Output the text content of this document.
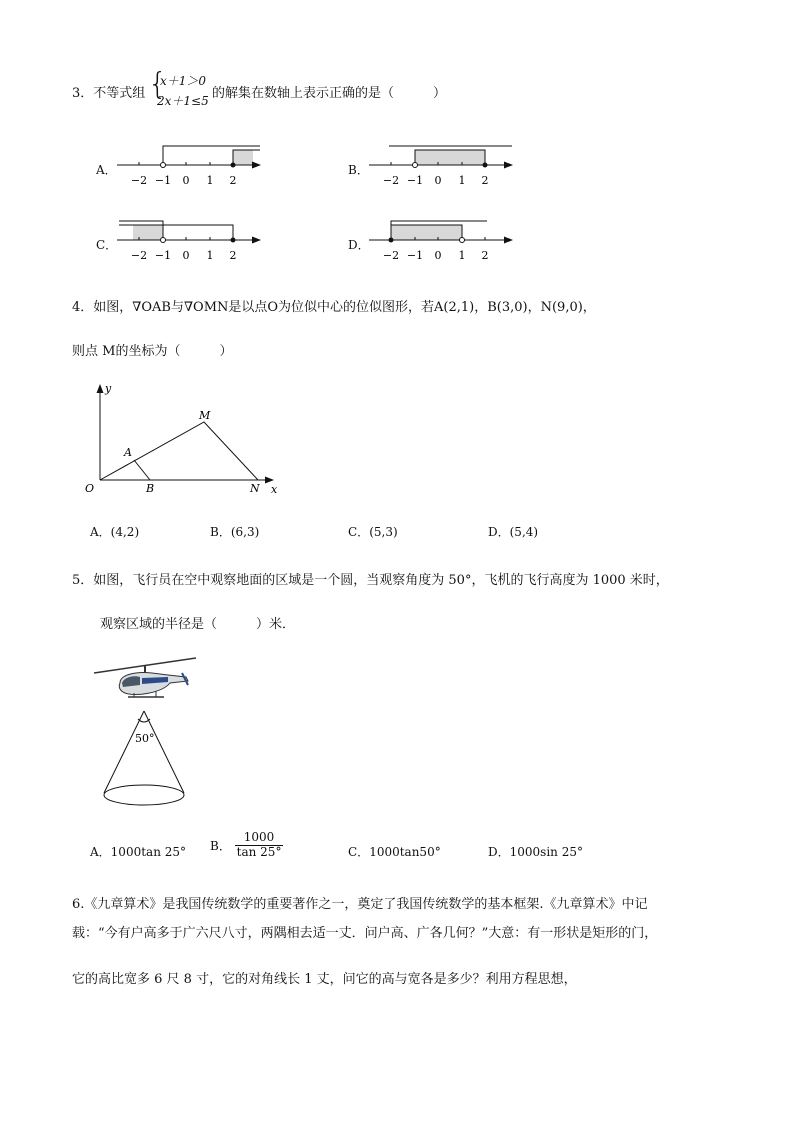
3．不等式组 {
x＋1＞0
2x＋1≤5 的解集在数轴上表示正确的是（　　　）
A．	B．
C．	D．
−2 −1 0 1 2	−2 −1 0 1 2
−2 −1 0 1 2	−2 −1 0 1 2
4．如图，∇OAB与∇OMN是以点O为位似中心的位似图形，若A(2,1)，B(3,0)，N(9,0)，
则点 M的坐标为（　　　）
y
x
O
A
B
M
N
A．(4,2)	B．(6,3)	C．(5,3)	D．(5,4)
5．如图，飞行员在空中观察地面的区域是一个圆，当观察角度为 50°，飞机的飞行高度为 1000 米时，
观察区域的半径是（　　　）米．
50°
A．1000tan 25° B． $\frac{1000}{\tan 25^\circ}$	C．1000tan50°	D．1000sin 25°
6.《九章算术》是我国传统数学的重要著作之一，奠定了我国传统数学的基本框架.《九章算术》中记
载：“今有户高多于广六尺八寸，两隅相去适一丈．问户高、广各几何？”大意：有一形状是矩形的门，
它的高比宽多 6 尺 8 寸，它的对角线长 1 丈，问它的高与宽各是多少？利用方程思想，
